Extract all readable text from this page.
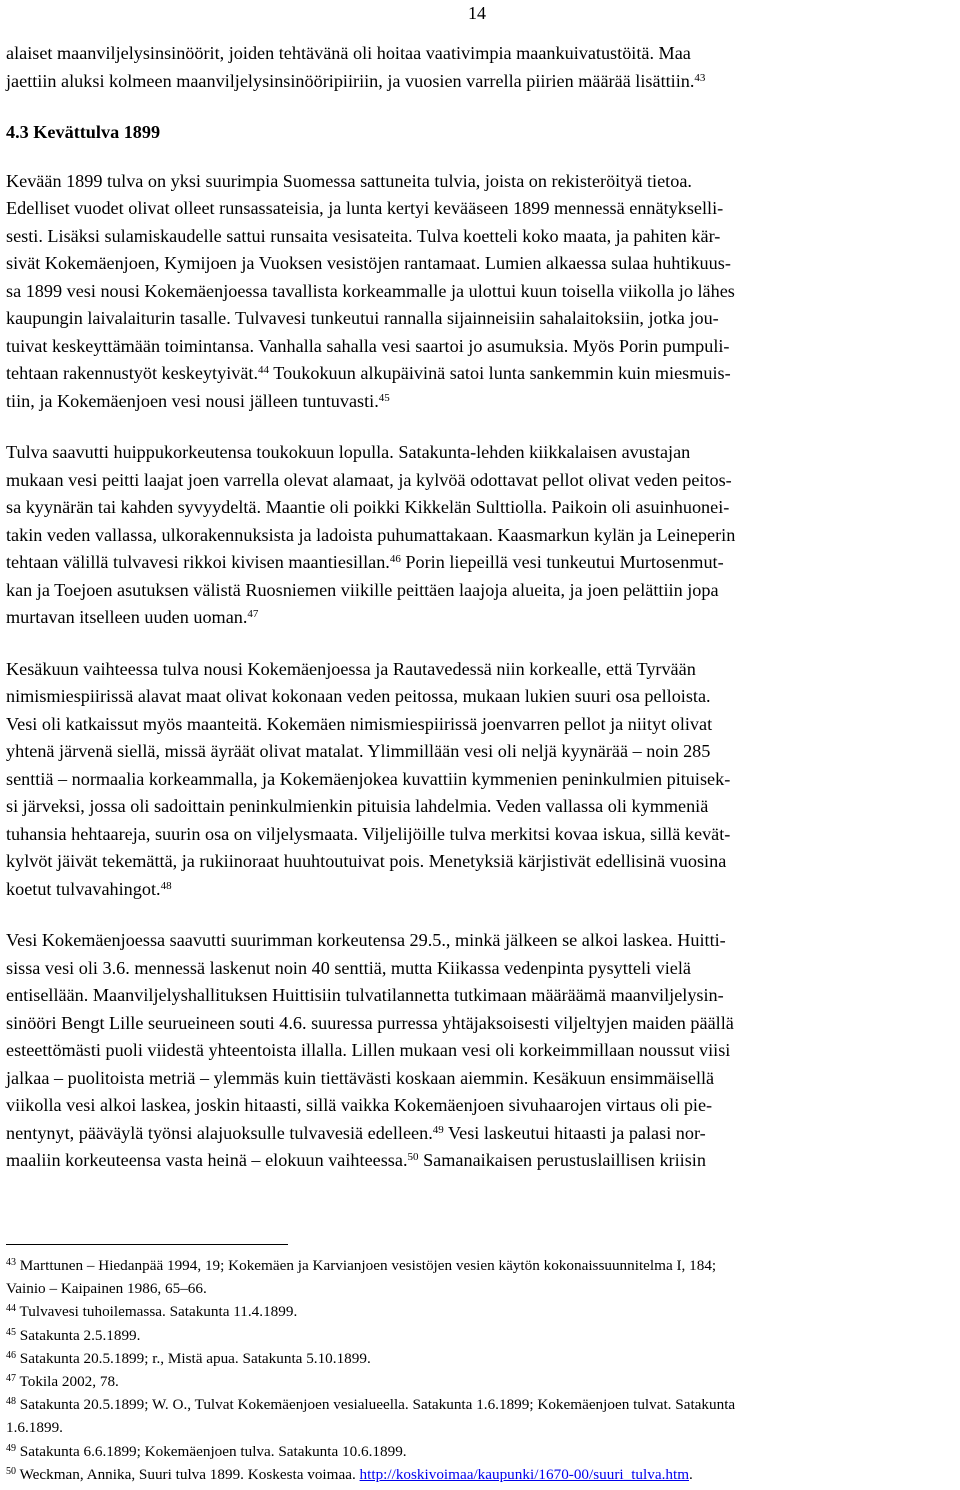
14
alaiset maanviljelysinsinöörit, joiden tehtävänä oli hoitaa vaativimpia maankuivatustöitä. Maa
jaettiin aluksi kolmeen maanviljelysinsinööripiiriin, ja vuosien varrella piirien määrää lisättiin.$^{43}$
4.3 Kevättulva 1899
Kevään 1899 tulva on yksi suurimpia Suomessa sattuneita tulvia, joista on rekisteröityä tietoa.
Edelliset vuodet olivat olleet runsassateisia, ja lunta kertyi kevääseen 1899 mennessä ennätykselli-
sesti. Lisäksi sulamiskaudelle sattui runsaita vesisateita. Tulva koetteli koko maata, ja pahiten kär-
sivät Kokemäenjoen, Kymijoen ja Vuoksen vesistöjen rantamaat. Lumien alkaessa sulaa huhtikuus-
sa 1899 vesi nousi Kokemäenjoessa tavallista korkeammalle ja ulottui kuun toisella viikolla jo lähes
kaupungin laivalaiturin tasalle. Tulvavesi tunkeutui rannalla sijainneisiin sahalaitoksiin, jotka jou-
tuivat keskeyttämään toimintansa. Vanhalla sahalla vesi saartoi jo asumuksia. Myös Porin pumpuli-
tehtaan rakennustyöt keskeytyivät.$^{44}$ Toukokuun alkupäivinä satoi lunta sankemmin kuin miesmuis-
tiin, ja Kokemäenjoen vesi nousi jälleen tuntuvasti.$^{45}$
Tulva saavutti huippukorkeutensa toukokuun lopulla. Satakunta-lehden kiikkalaisen avustajan
mukaan vesi peitti laajat joen varrella olevat alamaat, ja kylvöä odottavat pellot olivat veden peitos-
sa kyynärän tai kahden syvyydeltä. Maantie oli poikki Kikkelän Sulttiolla. Paikoin oli asuinhuonei-
takin veden vallassa, ulkorakennuksista ja ladoista puhumattakaan. Kaasmarkun kylän ja Leineperin
tehtaan välillä tulvavesi rikkoi kivisen maantiesillan.$^{46}$ Porin liepeillä vesi tunkeutui Murtosenmut-
kan ja Toejoen asutuksen välistä Ruosniemen viikille peittäen laajoja alueita, ja joen pelättiin jopa
murtavan itselleen uuden uoman.$^{47}$
Kesäkuun vaihteessa tulva nousi Kokemäenjoessa ja Rautavedessä niin korkealle, että Tyrvään
nimismiespiirissä alavat maat olivat kokonaan veden peitossa, mukaan lukien suuri osa pelloista.
Vesi oli katkaissut myös maanteitä. Kokemäen nimismiespiirissä joenvarren pellot ja niityt olivat
yhtenä järvenä siellä, missä äyräät olivat matalat. Ylimmillään vesi oli neljä kyynärää – noin 285
senttiä – normaalia korkeammalla, ja Kokemäenjokea kuvattiin kymmenien peninkulmien pituisek-
si järveksi, jossa oli sadoittain peninkulmienkin pituisia lahdelmia. Veden vallassa oli kymmeniä
tuhansia hehtaareja, suurin osa on viljelysmaata. Viljelijöille tulva merkitsi kovaa iskua, sillä kevät-
kylvöt jäivät tekemättä, ja rukiinoraat huuhtoutuivat pois. Menetyksiä kärjistivät edellisinä vuosina
koetut tulvavahingot.$^{48}$
Vesi Kokemäenjoessa saavutti suurimman korkeutensa 29.5., minkä jälkeen se alkoi laskea. Huitti-
sissa vesi oli 3.6. mennessä laskenut noin 40 senttiä, mutta Kiikassa vedenpinta pysytteli vielä
entisellään. Maanviljelyshallituksen Huittisiin tulvatilannetta tutkimaan määräämä maanviljelysin-
sinööri Bengt Lille seurueineen souti 4.6. suuressa purressa yhtäjaksoisesti viljeltyjen maiden päällä
esteettömästi puoli viidestä yhteentoista illalla. Lillen mukaan vesi oli korkeimmillaan noussut viisi
jalkaa – puolitoista metriä – ylemmäs kuin tiettävästi koskaan aiemmin. Kesäkuun ensimmäisellä
viikolla vesi alkoi laskea, joskin hitaasti, sillä vaikka Kokemäenjoen sivuhaarojen virtaus oli pie-
nentynyt, pääväylä työnsi alajuoksulle tulvavesiä edelleen.$^{49}$ Vesi laskeutui hitaasti ja palasi nor-
maaliin korkeuteensa vasta heinä – elokuun vaihteessa.$^{50}$ Samanaikaisen perustuslaillisen kriisin
$^{43}$ Marttunen – Hiedanpää 1994, 19; Kokemäen ja Karvianjoen vesistöjen vesien käytön kokonaissuunnitelma I, 184;
Vainio – Kaipainen 1986, 65–66.
$^{44}$ Tulvavesi tuhoilemassa. Satakunta 11.4.1899.
$^{45}$ Satakunta 2.5.1899.
$^{46}$ Satakunta 20.5.1899; r., Mistä apua. Satakunta 5.10.1899.
$^{47}$ Tokila 2002, 78.
$^{48}$ Satakunta 20.5.1899; W. O., Tulvat Kokemäenjoen vesialueella. Satakunta 1.6.1899; Kokemäenjoen tulvat. Satakunta
1.6.1899.
$^{49}$ Satakunta 6.6.1899; Kokemäenjoen tulva. Satakunta 10.6.1899.
$^{50}$ Weckman, Annika, Suuri tulva 1899. Koskesta voimaa. http://koskivoimaa/kaupunki/1670-00/suuri_tulva.htm.
